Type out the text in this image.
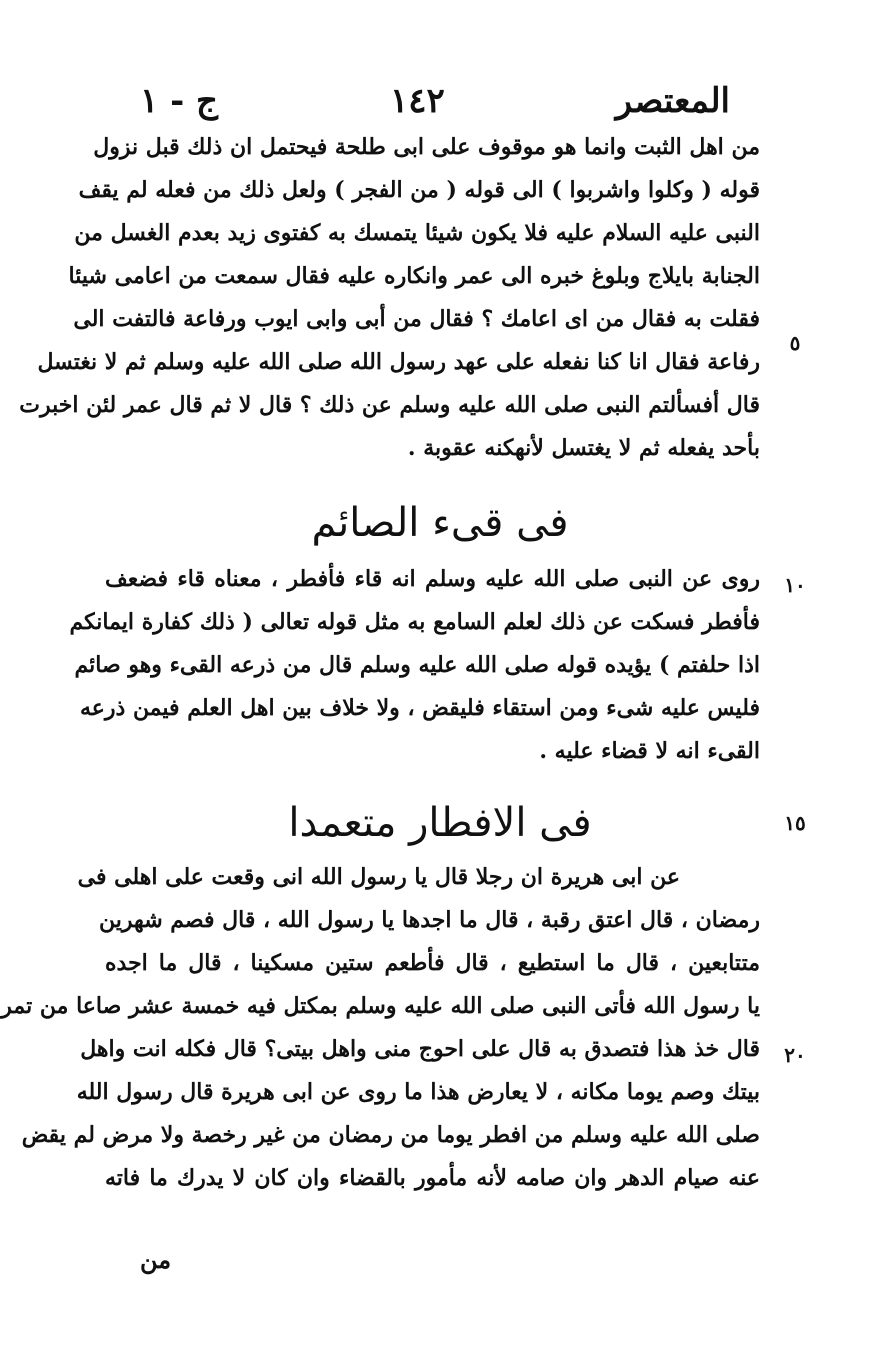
المعتصر
١٤٢
ج - ١
من اهل الثبت وانما هو موقوف على ابى طلحة فيحتمل ان ذلك قبل نزول
قوله ( وكلوا واشربوا ) الى قوله ( من الفجر ) ولعل ذلك من فعله لم يقف
النبى عليه السلام عليه فلا يكون شيئا يتمسك به كفتوى زيد بعدم الغسل من
الجنابة بايلاج وبلوغ خبره الى عمر وانكاره عليه فقال سمعت من اعامى شيئا
فقلت به فقال من اى اعامك ؟ فقال من أبى وابى ايوب ورفاعة فالتفت الى
رفاعة فقال انا كنا نفعله على عهد رسول الله صلى الله عليه وسلم ثم لا نغتسل
قال أفسألتم النبى صلى الله عليه وسلم عن ذلك ؟ قال لا ثم قال عمر لئن اخبرت
بأحد يفعله ثم لا يغتسل لأنهكنه عقوبة .
فى قىء الصائم
روى عن النبى صلى الله عليه وسلم انه قاء فأفطر ، معناه قاء فضعف
فأفطر فسكت عن ذلك لعلم السامع به مثل قوله تعالى ( ذلك كفارة ايمانكم
اذا حلفتم ) يؤيده قوله صلى الله عليه وسلم قال من ذرعه القىء وهو صائم
فليس عليه شىء ومن استقاء فليقض ، ولا خلاف بين اهل العلم فيمن ذرعه
القىء انه لا قضاء عليه .
فى الافطار متعمدا
عن ابى هريرة ان رجلا قال يا رسول الله انى وقعت على اهلى فى
رمضان ، قال اعتق رقبة ، قال ما اجدها يا رسول الله ، قال فصم شهرين
متتابعين ، قال ما استطيع ، قال فأطعم ستين مسكينا ، قال ما اجده
يا رسول الله فأتى النبى صلى الله عليه وسلم بمكتل فيه خمسة عشر صاعا من تمر
قال خذ هذا فتصدق به قال على احوج منى واهل بيتى؟ قال فكله انت واهل
بيتك وصم يوما مكانه ، لا يعارض هذا ما روى عن ابى هريرة قال رسول الله
صلى الله عليه وسلم من افطر يوما من رمضان من غير رخصة ولا مرض لم يقض
عنه صيام الدهر وان صامه لأنه مأمور بالقضاء وان كان لا يدرك ما فاته
٥
١٠
١٥
٢٠
من
